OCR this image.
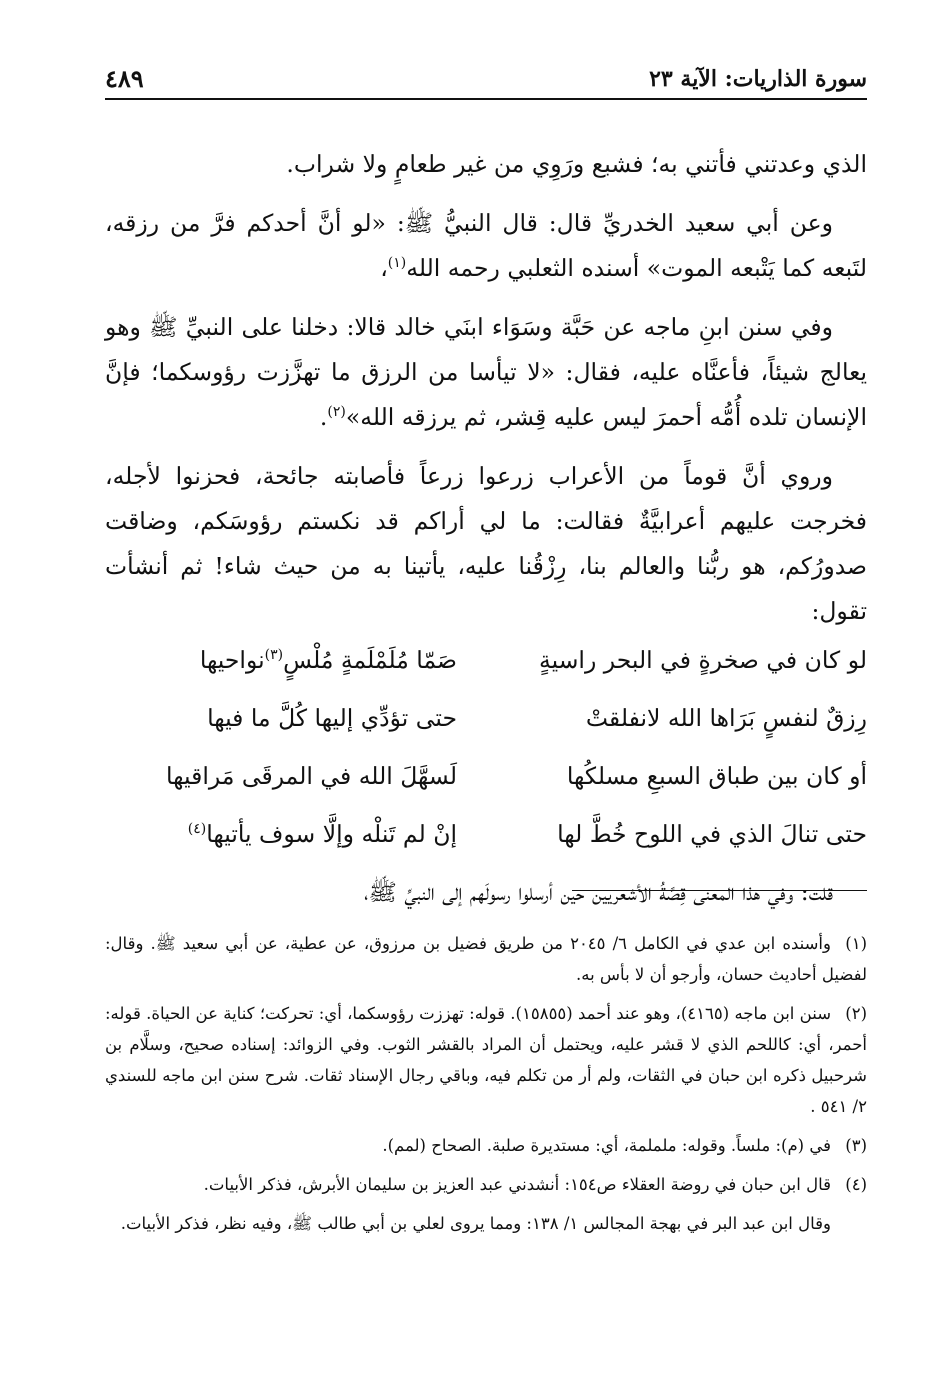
سورة الذاريات: الآية ٢٣
٤٨٩

الذي وعدتني فأتني به؛ فشبع ورَوِي من غير طعامٍ ولا شراب.

وعن أبي سعيد الخدريِّ قال: قال النبيُّ ﷺ: «لو أنَّ أحدكم فرَّ من رزقه، لتَبعه كما يَتْبعه الموت» أسنده الثعلبي رحمه الله$^{(١)}$،

وفي سنن ابنِ ماجه عن حَبَّة وسَوَاء ابنَي خالد قالا: دخلنا على النبيِّ ﷺ وهو يعالج شيئاً، فأعنَّاه عليه، فقال: «لا تيأسا من الرزق ما تهزَّزت رؤوسكما؛ فإنَّ الإنسان تلده أُمُّه أحمرَ ليس عليه قِشر، ثم يرزقه الله»$^{(٢)}$.

وروي أنَّ قوماً من الأعراب زرعوا زرعاً فأصابته جائحة، فحزنوا لأجله، فخرجت عليهم أعرابيَّةٌ فقالت: ما لي أراكم قد نكستم رؤوسَكم، وضاقت صدورُكم، هو ربُّنا والعالم بنا، رِزْقُنا عليه، يأتينا به من حيث شاء! ثم أنشأت تقول:

لو كان في صخرةٍ في البحر راسيةٍ
صَمّا مُلَمْلَمةٍ مُلْسٍ$^{(٣)}$نواحيها
رِزقٌ لنفسٍ بَرَاها الله لانفلقتْ
حتى تؤدِّي إليها كُلَّ ما فيها
أو كان بين طباق السبعِ مسلكُها
لَسهَّلَ الله في المرقَى مَراقيها
حتى تنالَ الذي في اللوح خُطَّ لها
إنْ لم تَنلْه وإلَّا سوف يأتيها$^{(٤)}$

قلت: وفي هذا المعنى قِصَّةُ الأشعريين حين أرسلوا رسولَهم إلى النبيِّ ﷺ،

(١)وأسنده ابن عدي في الكامل ٦/ ٢٠٤٥ من طريق فضيل بن مرزوق، عن عطية، عن أبي سعيد ﷺ. وقال: لفضيل أحاديث حسان، وأرجو أن لا بأس به.

(٢)سنن ابن ماجه (٤١٦٥)، وهو عند أحمد (١٥٨٥٥). قوله: تهززت رؤوسكما، أي: تحركت؛ كناية عن الحياة. قوله: أحمر، أي: كاللحم الذي لا قشر عليه، ويحتمل أن المراد بالقشر الثوب. وفي الزوائد: إسناده صحيح، وسلَّام بن شرحبيل ذكره ابن حبان في الثقات، ولم أر من تكلم فيه، وباقي رجال الإسناد ثقات. شرح سنن ابن ماجه للسندي ٢/ ٥٤١ .

(٣)في (م): ملساً. وقوله: ململمة، أي: مستديرة صلبة. الصحاح (لمم).

(٤)قال ابن حبان في روضة العقلاء ص١٥٤: أنشدني عبد العزيز بن سليمان الأبرش، فذكر الأبيات.

وقال ابن عبد البر في بهجة المجالس ١/ ١٣٨: ومما يروى لعلي بن أبي طالب ﷺ، وفيه نظر، فذكر الأبيات.
